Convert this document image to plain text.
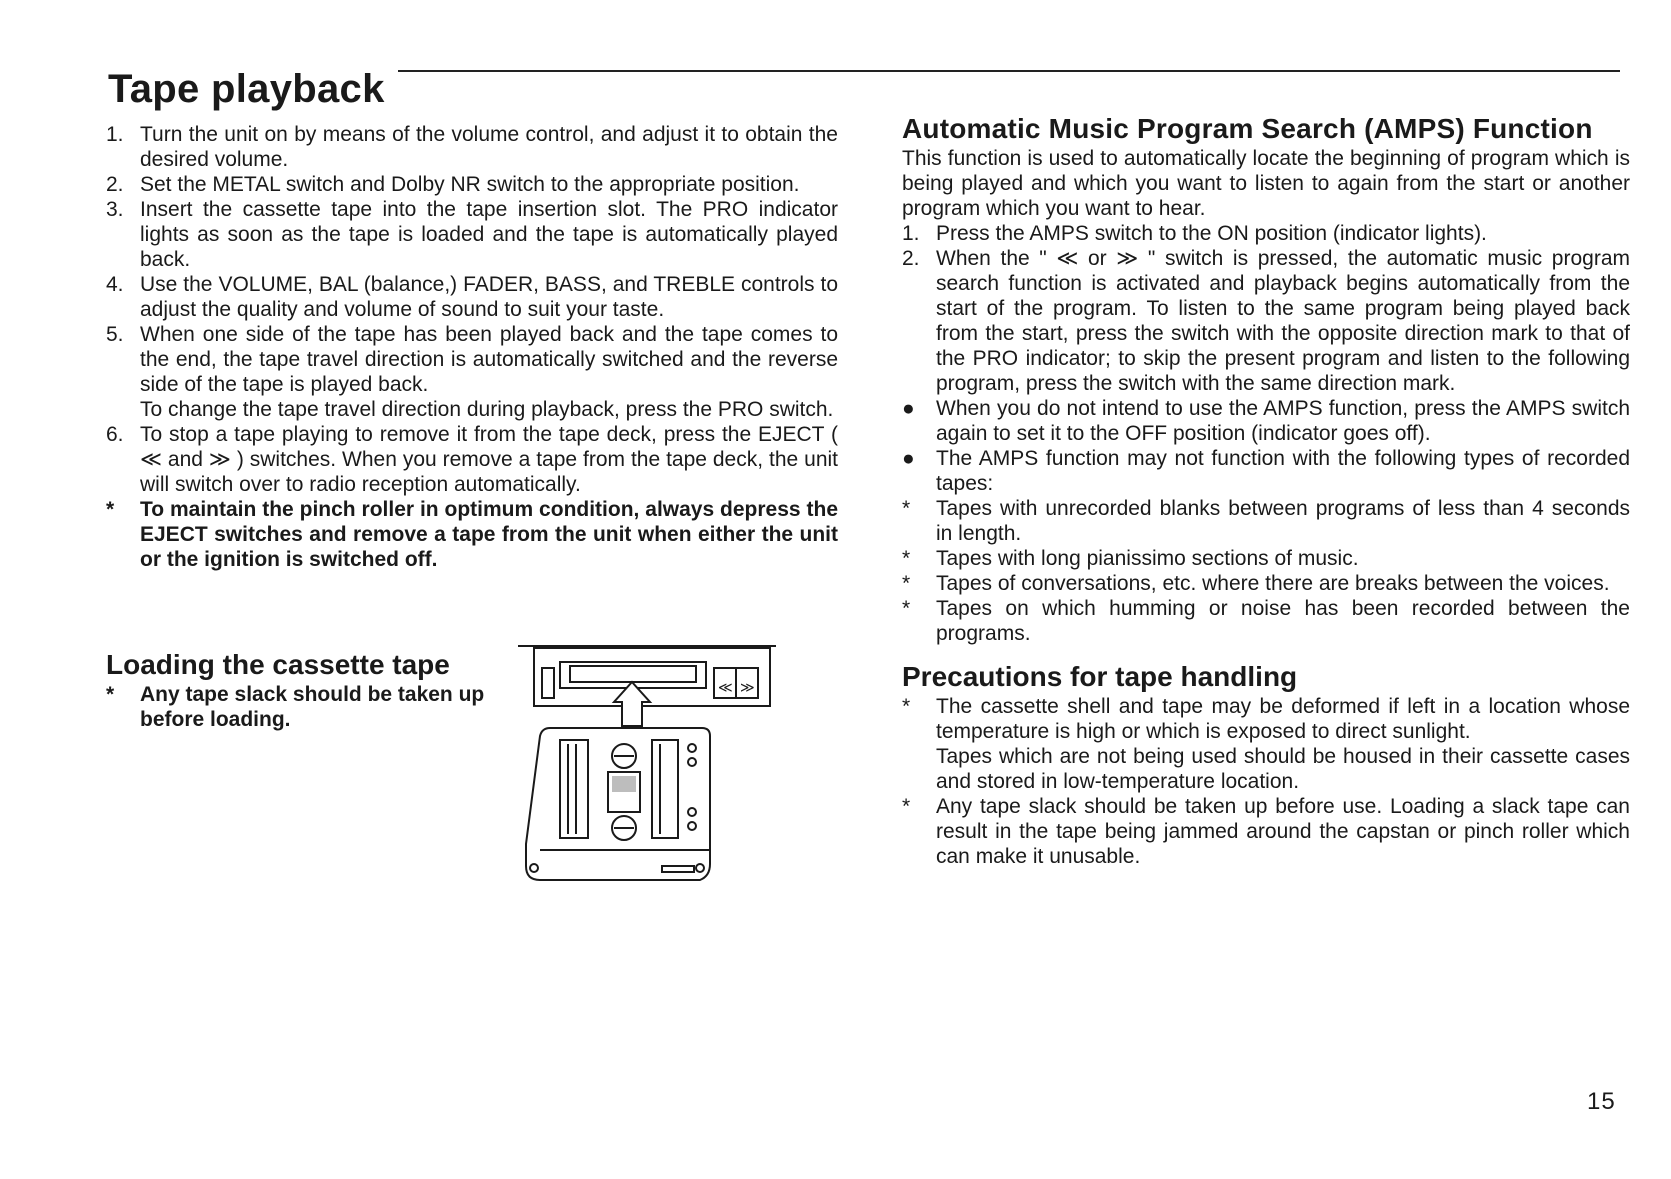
Tape playback
1. Turn the unit on by means of the volume control, and adjust it to obtain the desired volume.
2. Set the METAL switch and Dolby NR switch to the appropriate position.
3. Insert the cassette tape into the tape insertion slot. The PRO indicator lights as soon as the tape is loaded and the tape is automatically played back.
4. Use the VOLUME, BAL (balance,) FADER, BASS, and TREBLE controls to adjust the quality and volume of sound to suit your taste.
5. When one side of the tape has been played back and the tape comes to the end, the tape travel direction is automatically switched and the reverse side of the tape is played back.
To change the tape travel direction during playback, press the PRO switch.
6. To stop a tape playing to remove it from the tape deck, press the EJECT ( ≪ and ≫ ) switches. When you remove a tape from the tape deck, the unit will switch over to radio reception automatically.
*	To maintain the pinch roller in optimum condition, always depress the EJECT switches and remove a tape from the unit when either the unit or the ignition is switched off.
Loading the cassette tape
*	Any tape slack should be taken up before loading.
≪ ≫
Automatic Music Program Search (AMPS) Function

This function is used to automatically locate the beginning of program which is being played and which you want to listen to again from the start or another program which you want to hear.

1. Press the AMPS switch to the ON position (indicator lights).
2. When the " ≪ or ≫ " switch is pressed, the automatic music program search function is activated and playback begins automatically from the start of the program. To listen to the same program being played back from the start, press the switch with the opposite direction mark to that of the PRO indicator; to skip the present program and listen to the following program, press the switch with the same direction mark.
●	When you do not intend to use the AMPS function, press the AMPS switch again to set it to the OFF position (indicator goes off).
●	The AMPS function may not function with the following types of recorded tapes:
*	Tapes with unrecorded blanks between programs of less than 4 seconds in length.
*	Tapes with long pianissimo sections of music.
*	Tapes of conversations, etc. where there are breaks between the voices.
*	Tapes on which humming or noise has been recorded between the programs.
Precautions for tape handling
*	The cassette shell and tape may be deformed if left in a location whose temperature is high or which is exposed to direct sunlight.
Tapes which are not being used should be housed in their cassette cases and stored in low-temperature location.
*	Any tape slack should be taken up before use. Loading a slack tape can result in the tape being jammed around the capstan or pinch roller which can make it unusable.
15
